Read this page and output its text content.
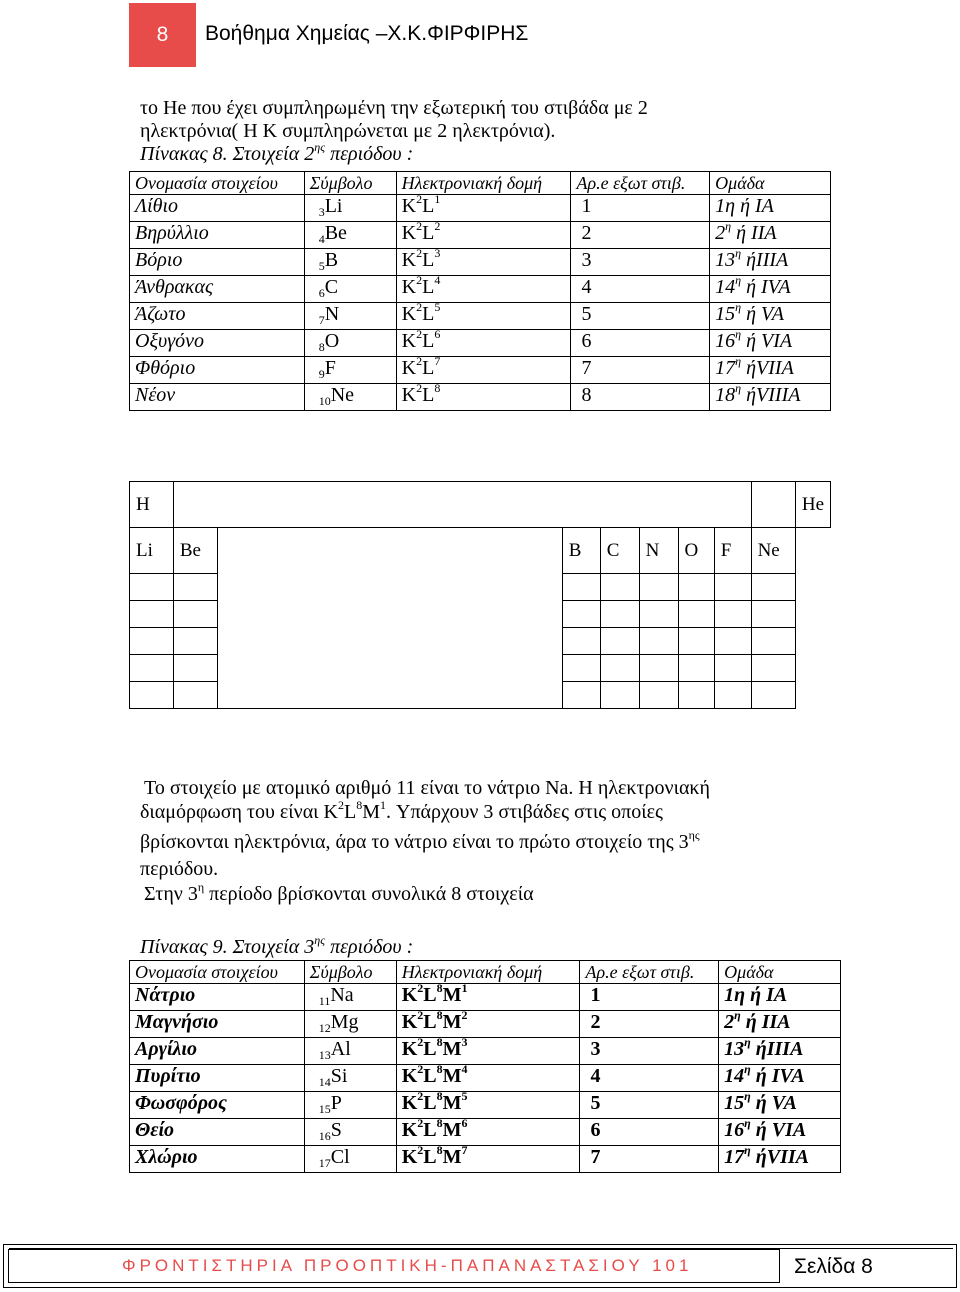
8 Βοήθημα Χημείας –Χ.Κ.ΦΙΡΦΙΡΗΣ
το He που έχει συμπληρωμένη την εξωτερική του στιβάδα με 2
ηλεκτρόνια( Η Κ συμπληρώνεται με 2 ηλεκτρόνια).
Πίνακας 8. Στοιχεία $2^{\eta\varsigma}$ περιόδου :
Ονομασία στοιχείου	Σύμβολο	Ηλεκτρονιακή δομή	Αρ.e εξωτ στιβ.	Ομάδα
Λίθιο	$_3$Li	$K^2L^1$	1	1η ή ΙΑ
Βηρύλλιο	$_4$Be	$K^2L^2$	2	$2^\eta$ ή ΙΙΑ
Βόριο	$_5$B	$K^2L^3$	3	$13^\eta$ ήΙΙΙΑ
Άνθρακας	$_6$C	$K^2L^4$	4	$14^\eta$ ή IVA
Άζωτο	$_7$N	$K^2L^5$	5	$15^\eta$ ή VA
Οξυγόνο	$_8$O	$K^2L^6$	6	$16^\eta$ ή VIA
Φθόριο	$_9$F	$K^2L^7$	7	$17^\eta$ ήVIIA
Νέον	$_{10}$Ne	$K^2L^8$	8	$18^\eta$ ήVIIIA
H									He
Li	Be		B	C	N	O	F	Ne	

Το στοιχείο με ατομικό αριθμό 11 είναι το νάτριο Na. Η ηλεκτρονιακή
διαμόρφωση του είναι $K^2L^8M^1$. Υπάρχουν 3 στιβάδες στις οποίες
βρίσκονται ηλεκτρόνια, άρα το νάτριο είναι το πρώτο στοιχείο της $3^{\eta\varsigma}$
περιόδου.
Στην $3^\eta$ περίοδο βρίσκονται συνολικά 8 στοιχεία
Πίνακας 9. Στοιχεία $3^{\eta\varsigma}$ περιόδου :
Ονομασία στοιχείου	Σύμβολο	Ηλεκτρονιακή δομή	Αρ.e εξωτ στιβ.	Ομάδα
Νάτριο	$_{11}$Na	$K^2L^8M^1$	1	1η ή ΙΑ
Μαγνήσιο	$_{12}$Mg	$K^2L^8M^2$	2	$2^\eta$ ή ΙΙΑ
Αργίλιο	$_{13}$Al	$K^2L^8M^3$	3	$13^\eta$ ήΙΙΙΑ
Πυρίτιο	$_{14}$Si	$K^2L^8M^4$	4	$14^\eta$ ή IVA
Φωσφόρος	$_{15}$P	$K^2L^8M^5$	5	$15^\eta$ ή VA
Θείο	$_{16}$S	$K^2L^8M^6$	6	$16^\eta$ ή VIA
Χλώριο	$_{17}$Cl	$K^2L^8M^7$	7	$17^\eta$ ήVIIA
ΦΡΟΝΤΙΣΤΗΡΙΑ ΠΡΟΟΠΤΙΚΗ-ΠΑΠΑΝΑΣΤΑΣΙΟΥ 101	Σελίδα 8
